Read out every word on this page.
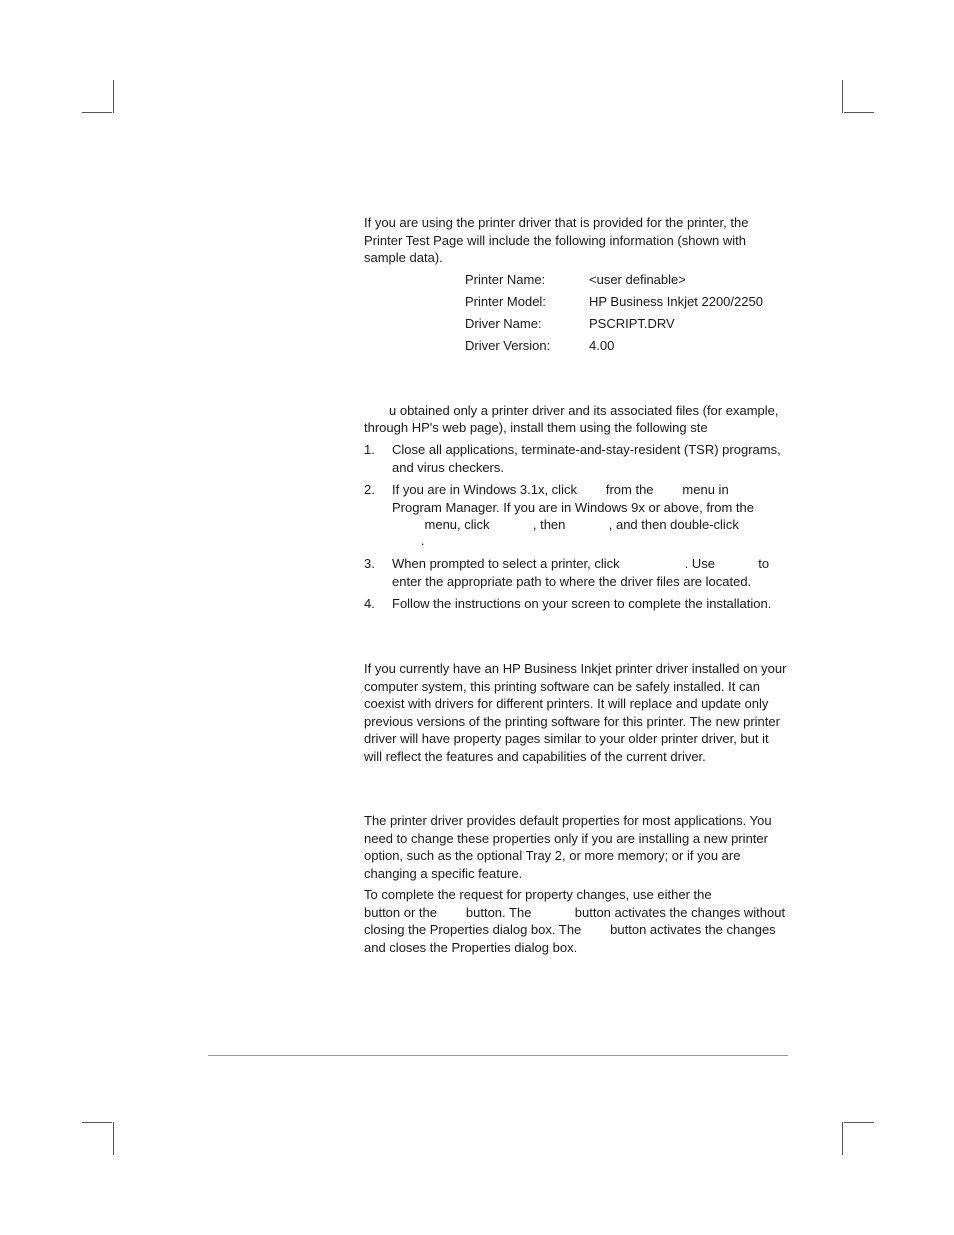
If you are using the printer driver that is provided for the printer, the Printer Test Page will include the following information (shown with sample data).

Printer Name:	<user definable>
Printer Model:	HP Business Inkjet 2200/2250
Driver Name:	PSCRIPT.DRV
Driver Version:	4.00
u obtained only a printer driver and its associated files (for example,
through HP's web page), install them using the following ste
1. Close all applications, terminate-and-stay-resident (TSR) programs, and virus checkers.
2. If you are in Windows 3.1x, click        from the        menu in
Program Manager. If you are in Windows 9x or above, from the
menu, click            , then            , and then double-click
.
3. When prompted to select a printer, click                  . Use            to enter the appropriate path to where the driver files are located.
4. Follow the instructions on your screen to complete the installation.

If you currently have an HP Business Inkjet printer driver installed on your computer system, this printing software can be safely installed. It can coexist with drivers for different printers. It will replace and update only previous versions of the printing software for this printer. The new printer driver will have property pages similar to your older printer driver, but it will reflect the features and capabilities of the current driver.

The printer driver provides default properties for most applications. You need to change these properties only if you are installing a new printer option, such as the optional Tray 2, or more memory; or if you are changing a specific feature.

To complete the request for property changes, use either the
button or the        button. The            button activates the changes without
closing the Properties dialog box. The        button activates the changes
and closes the Properties dialog box.
